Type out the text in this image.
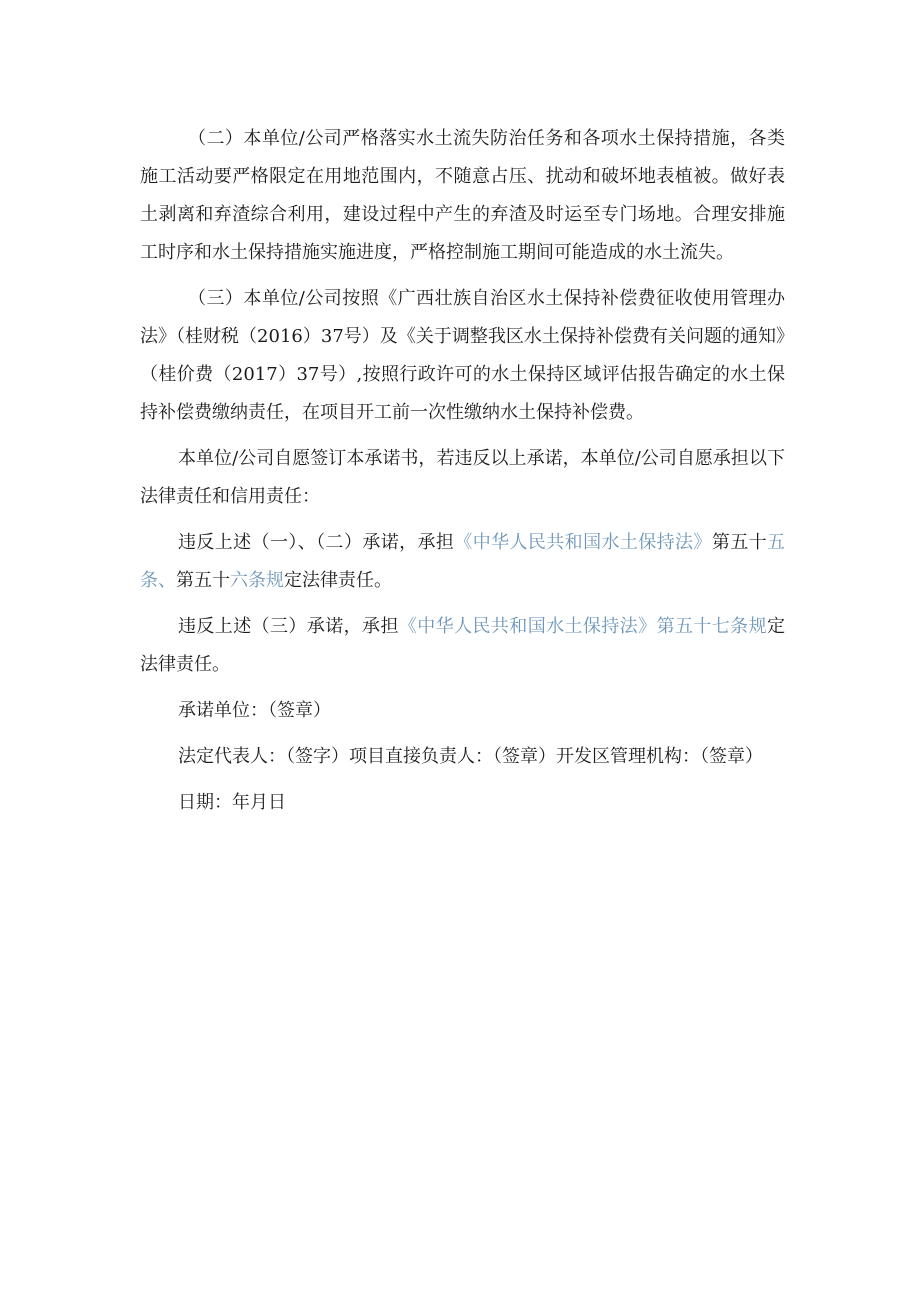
（二）本单位/公司严格落实水土流失防治任务和各项水土保持措施，各类施工活动要严格限定在用地范围内，不随意占压、扰动和破坏地表植被。做好表土剥离和弃渣综合利用，建设过程中产生的弃渣及时运至专门场地。合理安排施工时序和水土保持措施实施进度，严格控制施工期间可能造成的水土流失。

（三）本单位/公司按照《广西壮族自治区水土保持补偿费征收使用管理办法》（桂财税（2016）37号）及《关于调整我区水土保持补偿费有关问题的通知》（桂价费（2017）37号）,按照行政许可的水土保持区域评估报告确定的水土保持补偿费缴纳责任，在项目开工前一次性缴纳水土保持补偿费。

本单位/公司自愿签订本承诺书，若违反以上承诺，本单位/公司自愿承担以下法律责任和信用责任：

违反上述（一）、（二）承诺，承担《中华人民共和国水土保持法》第五十五条、第五十六条规定法律责任。

违反上述（三）承诺，承担《中华人民共和国水土保持法》第五十七条规定法律责任。

承诺单位：（签章）

法定代表人：（签字）项目直接负责人：（签章）开发区管理机构：（签章）

日期：年月日
